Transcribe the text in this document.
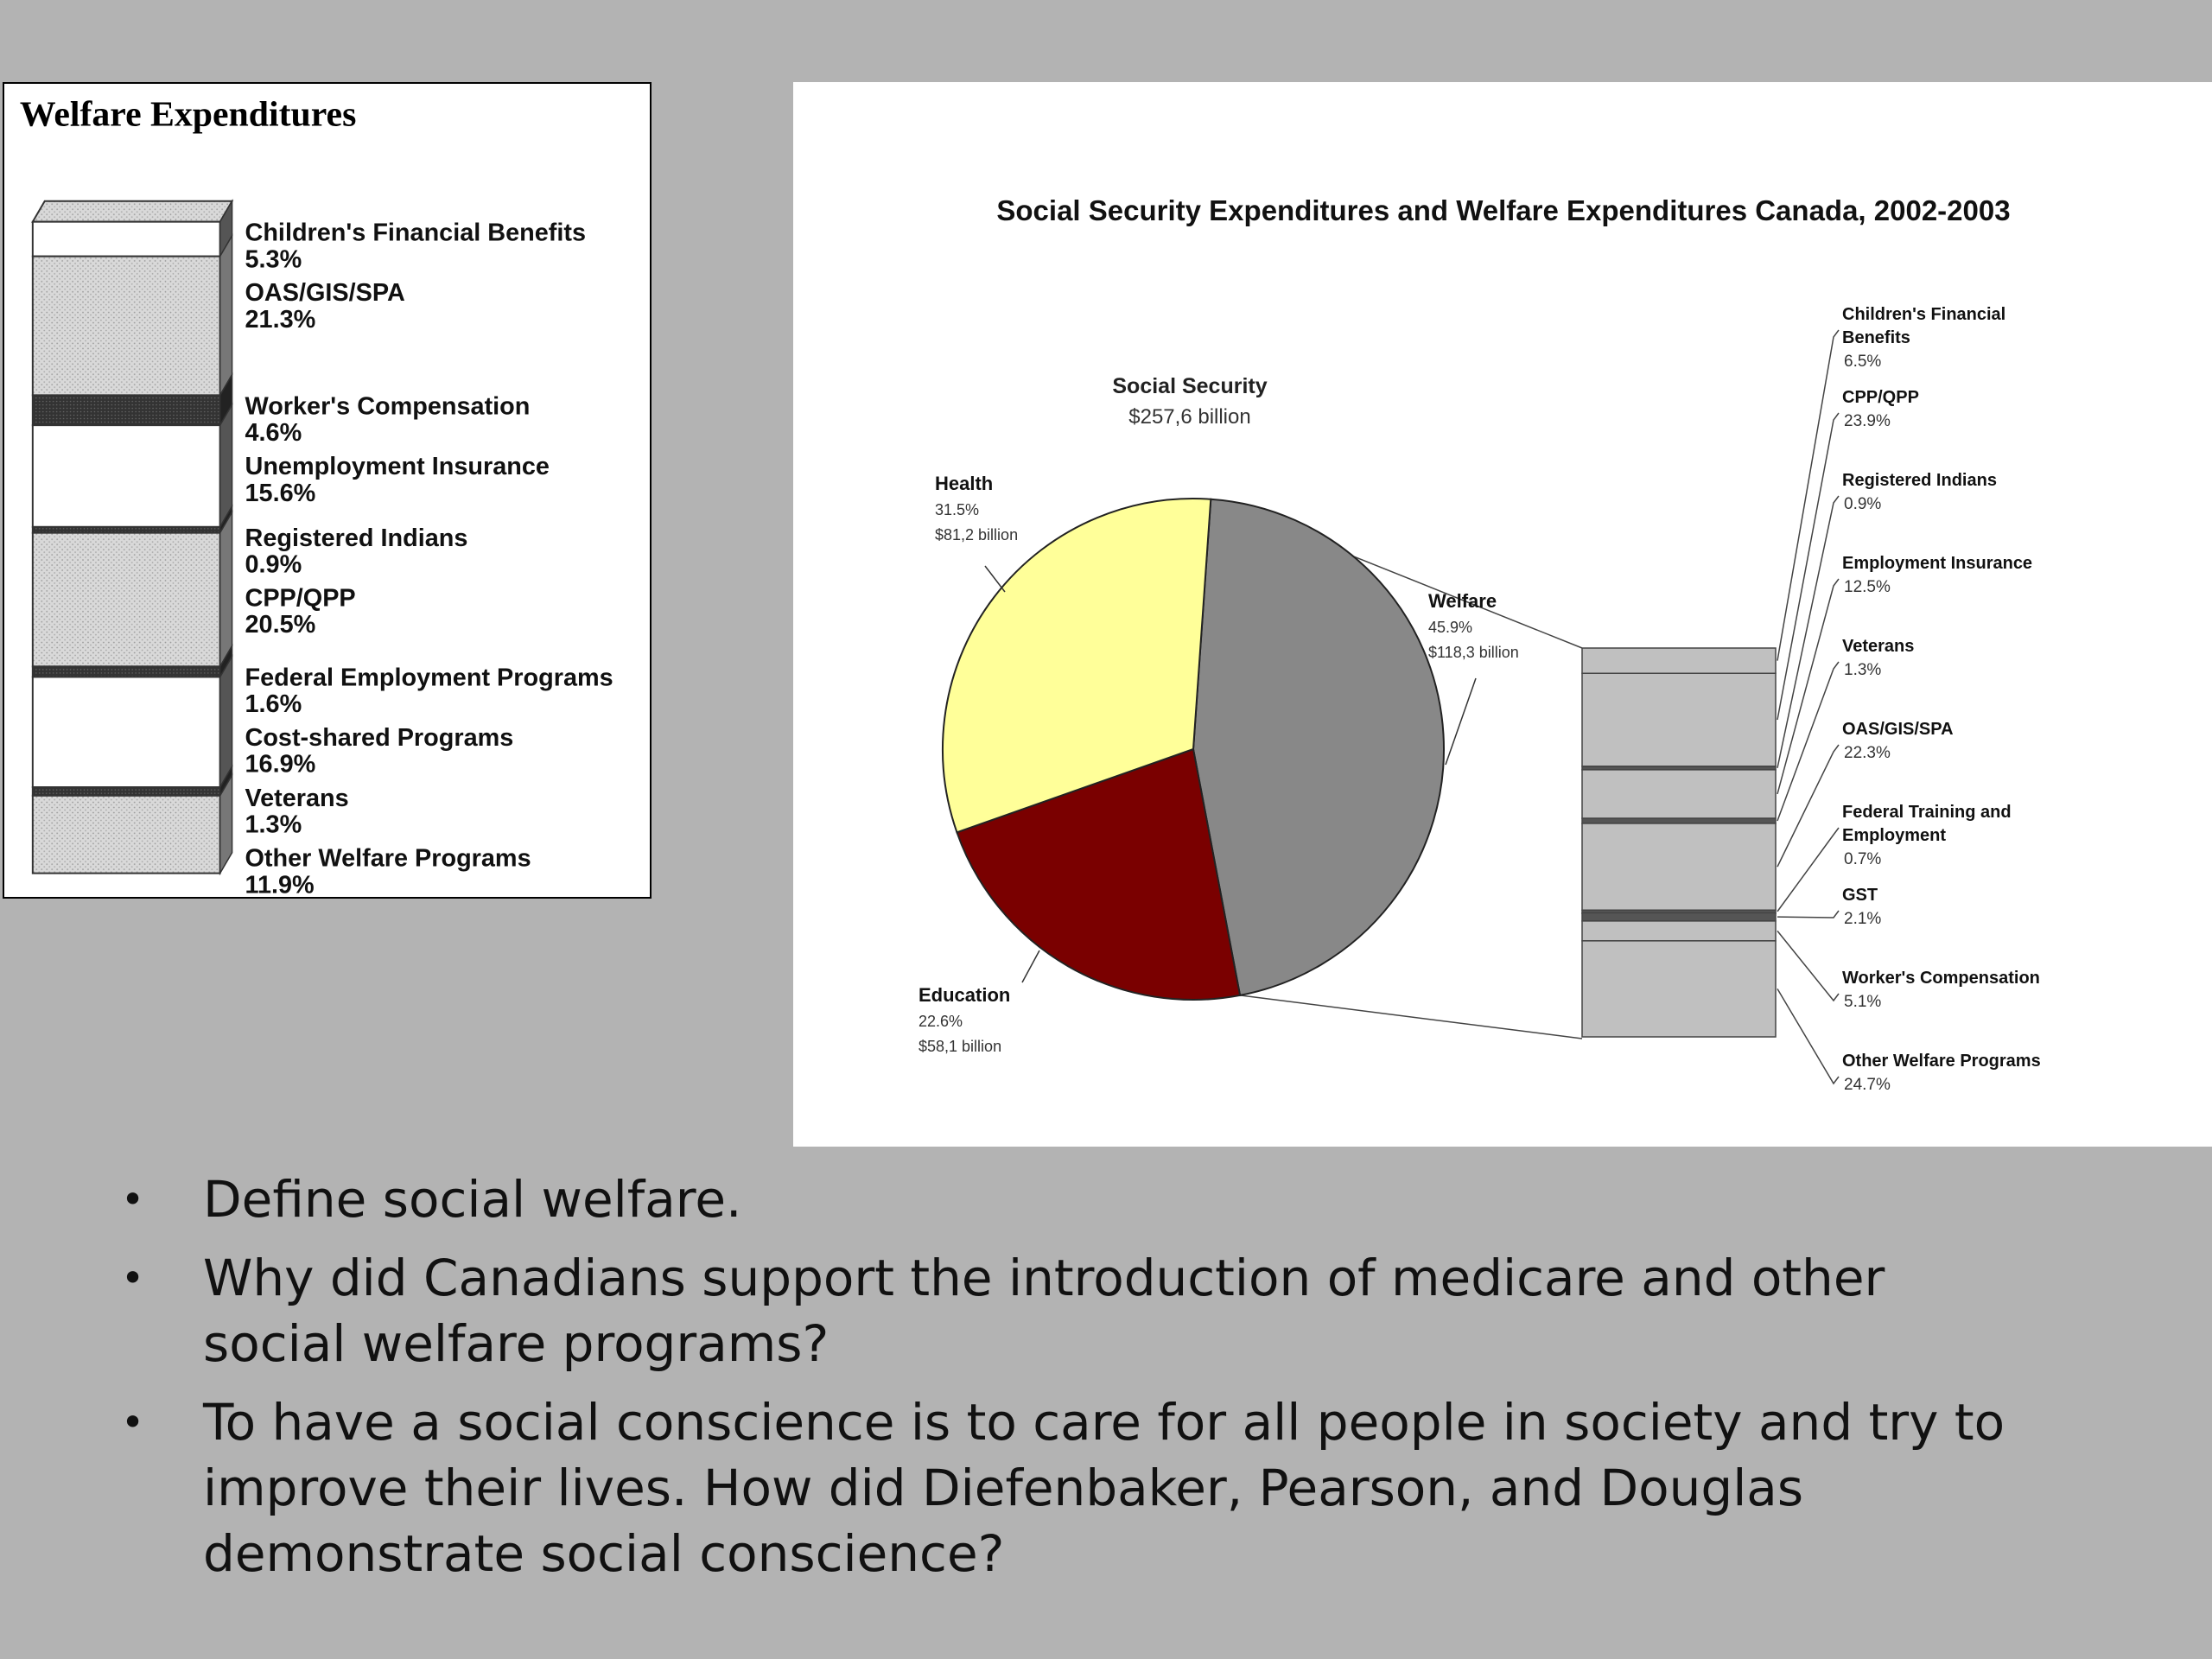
Welfare Expenditures
Children's Financial Benefits
5.3%
OAS/GIS/SPA
21.3%
Worker's Compensation
4.6%
Unemployment Insurance
15.6%
Registered Indians
0.9%
CPP/QPP
20.5%
Federal Employment Programs
1.6%
Cost-shared Programs
16.9%
Veterans
1.3%
Other Welfare Programs
11.9%
Social Security Expenditures and Welfare Expenditures Canada, 2002-2003
Social Security
$257,6 billion
Welfare
45.9%
$118,3 billion
Education
22.6%
$58,1 billion
Health
31.5%
$81,2 billion
Children's Financial
Benefits
6.5%
CPP/QPP
23.9%
Registered Indians
0.9%
Employment Insurance
12.5%
Veterans
1.3%
OAS/GIS/SPA
22.3%
Federal Training and
Employment
0.7%
GST
2.1%
Worker's Compensation
5.1%
Other Welfare Programs
24.7%
• Define social welfare.
• Why did Canadians support the introduction of medicare and other social welfare programs?
• To have a social conscience is to care for all people in society and try to improve their lives. How did Diefenbaker, Pearson, and Douglas demonstrate social conscience?
